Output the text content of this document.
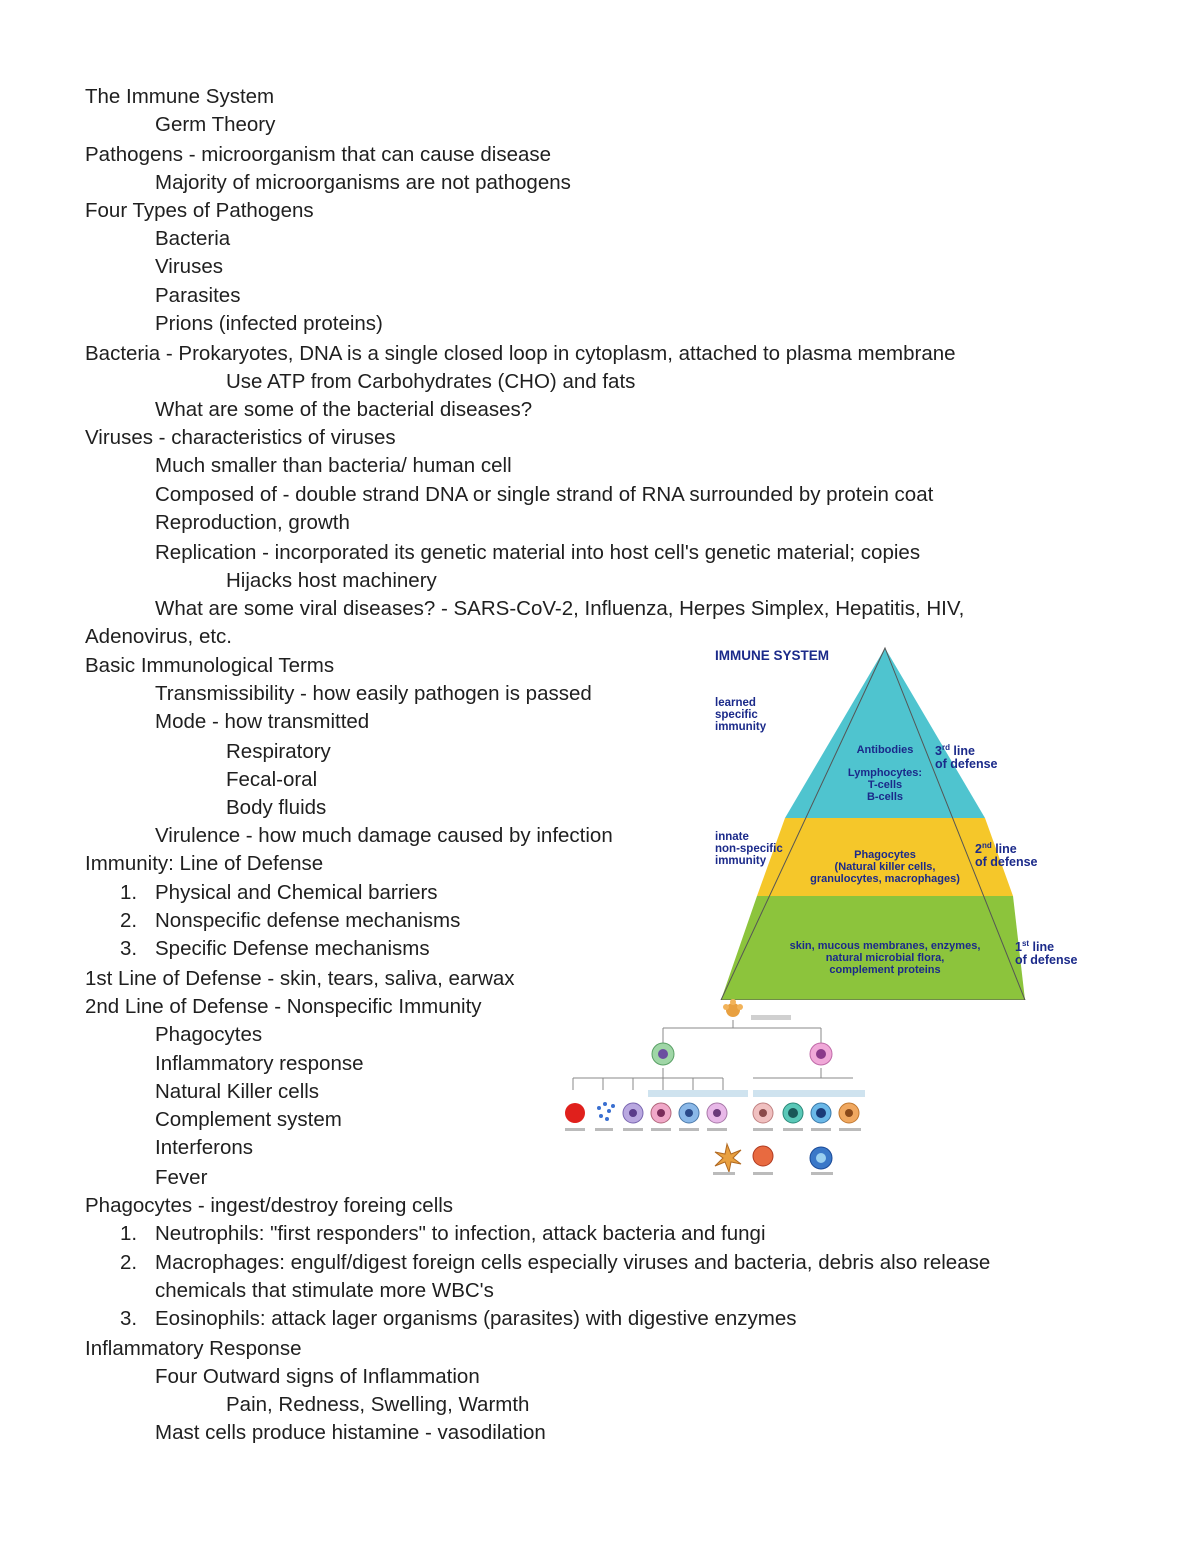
The Immune System
Germ Theory
Pathogens - microorganism that can cause disease
Majority of microorganisms are not pathogens
Four Types of Pathogens
Bacteria
Viruses
Parasites
Prions (infected proteins)
Bacteria - Prokaryotes, DNA is a single closed loop in cytoplasm, attached to plasma membrane
Use ATP from Carbohydrates (CHO) and fats
What are some of the bacterial diseases?
Viruses - characteristics of viruses
Much smaller than bacteria/ human cell
Composed of - double strand DNA or single strand of RNA surrounded by protein coat
Reproduction, growth
Replication - incorporated its genetic material into host cell's genetic material; copies
Hijacks host machinery
What are some viral diseases? - SARS-CoV-2, Influenza, Herpes Simplex, Hepatitis, HIV,
Adenovirus, etc.
Basic Immunological Terms
Transmissibility - how easily pathogen is passed
Mode - how transmitted
Respiratory
Fecal-oral
Body fluids
Virulence - how much damage caused by infection
Immunity: Line of Defense
1. Physical and Chemical barriers
2. Nonspecific defense mechanisms
3. Specific Defense mechanisms
1st Line of Defense - skin, tears, saliva, earwax
2nd Line of Defense - Nonspecific Immunity
Phagocytes
Inflammatory response
Natural Killer cells
Complement system
Interferons
Fever
Phagocytes - ingest/destroy foreing cells
1. Neutrophils: "first responders" to infection, attack bacteria and fungi
2. Macrophages: engulf/digest foreign cells especially viruses and bacteria, debris also release
chemicals that stimulate more WBC's
3. Eosinophils: attack lager organisms (parasites) with digestive enzymes
Inflammatory Response
Four Outward signs of Inflammation
Pain, Redness, Swelling, Warmth
Mast cells produce histamine - vasodilation
IMMUNE SYSTEM
learned
specific
immunity
innate
non-specific
immunity
Antibodies
Lymphocytes:
T-cells
B-cells
Phagocytes
(Natural killer cells,
granulocytes, macrophages)
skin, mucous membranes, enzymes,
natural microbial flora,
complement proteins
3rd line
of defense
2nd line
of defense
1st line
of defense
